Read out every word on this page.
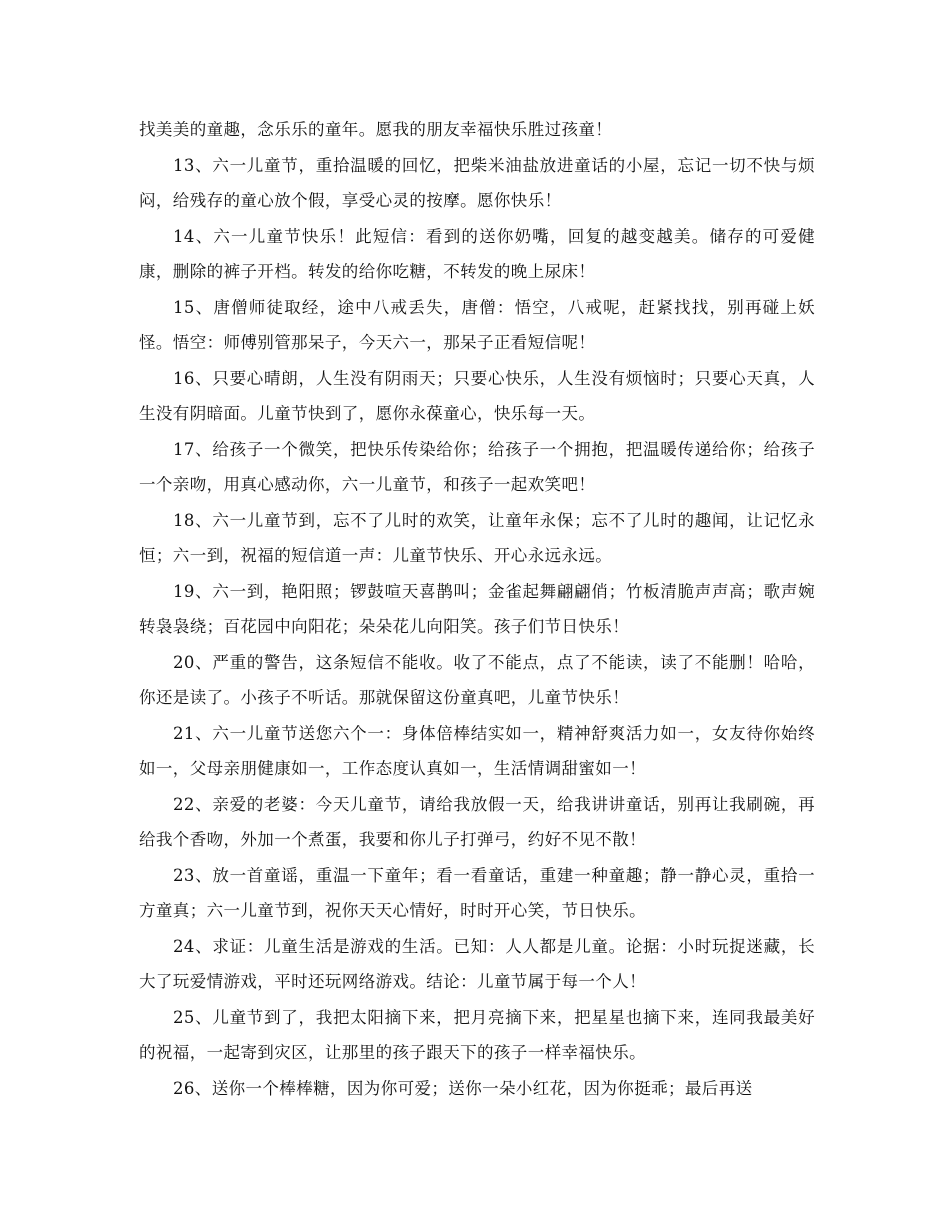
找美美的童趣，念乐乐的童年。愿我的朋友幸福快乐胜过孩童！

13、六一儿童节，重拾温暖的回忆，把柴米油盐放进童话的小屋，忘记一切不快与烦闷，给残存的童心放个假，享受心灵的按摩。愿你快乐！

14、六一儿童节快乐！此短信：看到的送你奶嘴，回复的越变越美。储存的可爱健康，删除的裤子开档。转发的给你吃糖，不转发的晚上尿床！

15、唐僧师徒取经，途中八戒丢失，唐僧：悟空，八戒呢，赶紧找找，别再碰上妖怪。悟空：师傅别管那呆子，今天六一，那呆子正看短信呢！

16、只要心晴朗，人生没有阴雨天；只要心快乐，人生没有烦恼时；只要心天真，人生没有阴暗面。儿童节快到了，愿你永葆童心，快乐每一天。

17、给孩子一个微笑，把快乐传染给你；给孩子一个拥抱，把温暖传递给你；给孩子一个亲吻，用真心感动你，六一儿童节，和孩子一起欢笑吧！

18、六一儿童节到，忘不了儿时的欢笑，让童年永保；忘不了儿时的趣闻，让记忆永恒；六一到，祝福的短信道一声：儿童节快乐、开心永远永远。

19、六一到，艳阳照；锣鼓喧天喜鹊叫；金雀起舞翩翩俏；竹板清脆声声高；歌声婉转袅袅绕；百花园中向阳花；朵朵花儿向阳笑。孩子们节日快乐！

20、严重的警告，这条短信不能收。收了不能点，点了不能读，读了不能删！哈哈，你还是读了。小孩子不听话。那就保留这份童真吧，儿童节快乐！

21、六一儿童节送您六个一：身体倍棒结实如一，精神舒爽活力如一，女友待你始终如一，父母亲朋健康如一，工作态度认真如一，生活情调甜蜜如一！

22、亲爱的老婆：今天儿童节，请给我放假一天，给我讲讲童话，别再让我刷碗，再给我个香吻，外加一个煮蛋，我要和你儿子打弹弓，约好不见不散！

23、放一首童谣，重温一下童年；看一看童话，重建一种童趣；静一静心灵，重拾一方童真；六一儿童节到，祝你天天心情好，时时开心笑，节日快乐。

24、求证：儿童生活是游戏的生活。已知：人人都是儿童。论据：小时玩捉迷藏，长大了玩爱情游戏，平时还玩网络游戏。结论：儿童节属于每一个人！

25、儿童节到了，我把太阳摘下来，把月亮摘下来，把星星也摘下来，连同我最美好的祝福，一起寄到灾区，让那里的孩子跟天下的孩子一样幸福快乐。

26、送你一个棒棒糖，因为你可爱；送你一朵小红花，因为你挺乖；最后再送
